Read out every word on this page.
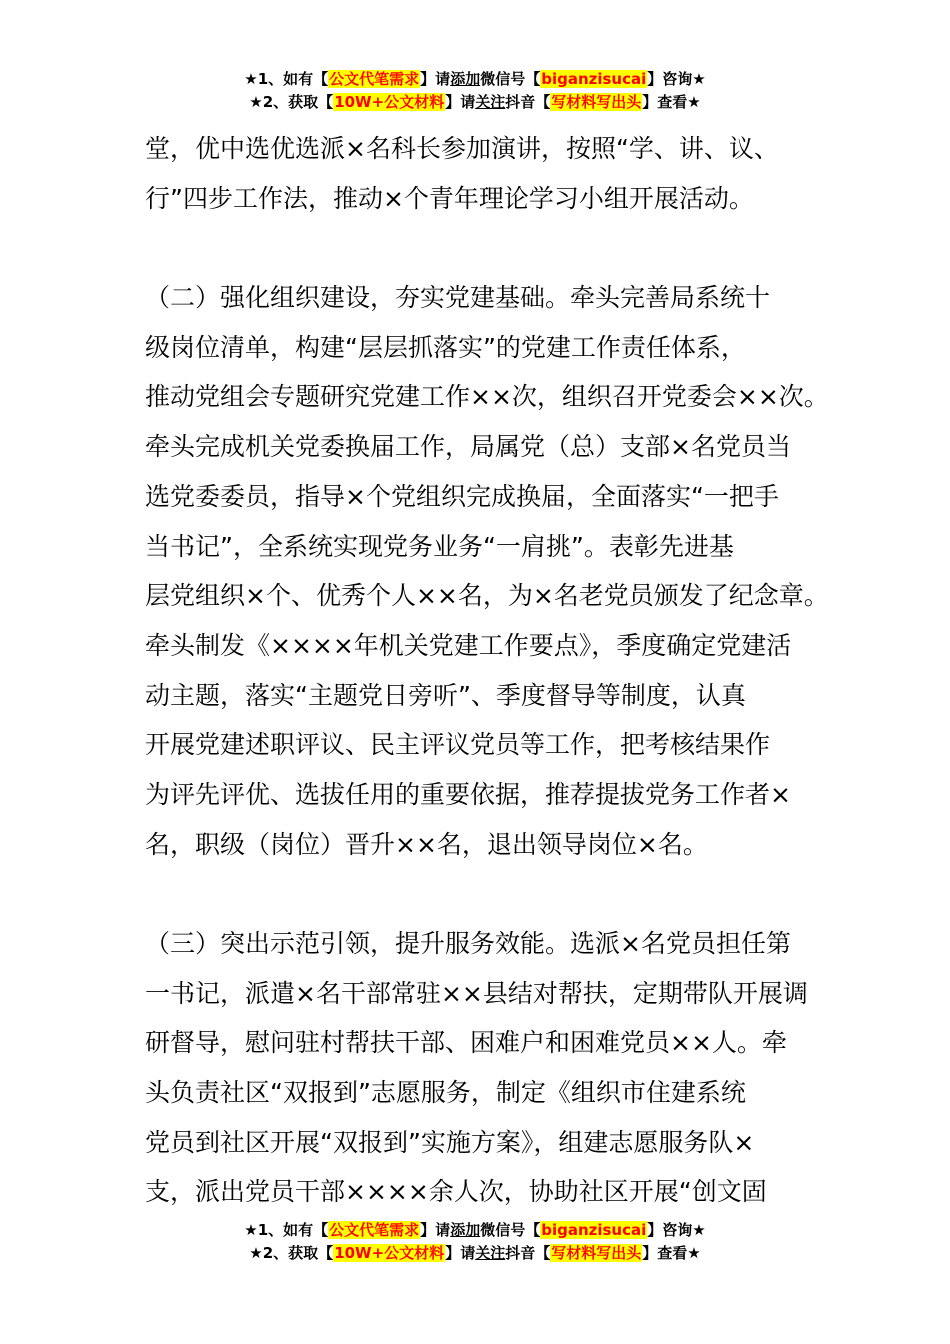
★1、如有【公文代笔需求】请添加微信号【biganzisucai】咨询★
★2、获取【10W+公文材料】请关注抖音【写材料写出头】查看★
堂，优中选优选派×名科长参加演讲，按照“学、讲、议、
行”四步工作法，推动×个青年理论学习小组开展活动。
（二）强化组织建设，夯实党建基础。牵头完善局系统十
级岗位清单，构建“层层抓落实”的党建工作责任体系，
推动党组会专题研究党建工作××次，组织召开党委会××次。
牵头完成机关党委换届工作，局属党（总）支部×名党员当
选党委委员，指导×个党组织完成换届，全面落实“一把手
当书记”，全系统实现党务业务“一肩挑”。表彰先进基
层党组织×个、优秀个人××名，为×名老党员颁发了纪念章。
牵头制发《××××年机关党建工作要点》，季度确定党建活
动主题，落实“主题党日旁听”、季度督导等制度，认真
开展党建述职评议、民主评议党员等工作，把考核结果作
为评先评优、选拔任用的重要依据，推荐提拔党务工作者×
名，职级（岗位）晋升××名，退出领导岗位×名。
（三）突出示范引领，提升服务效能。选派×名党员担任第
一书记，派遣×名干部常驻××县结对帮扶，定期带队开展调
研督导，慰问驻村帮扶干部、困难户和困难党员××人。牵
头负责社区“双报到”志愿服务，制定《组织市住建系统
党员到社区开展“双报到”实施方案》，组建志愿服务队×
支，派出党员干部××××余人次，协助社区开展“创文固
★1、如有【公文代笔需求】请添加微信号【biganzisucai】咨询★
★2、获取【10W+公文材料】请关注抖音【写材料写出头】查看★
